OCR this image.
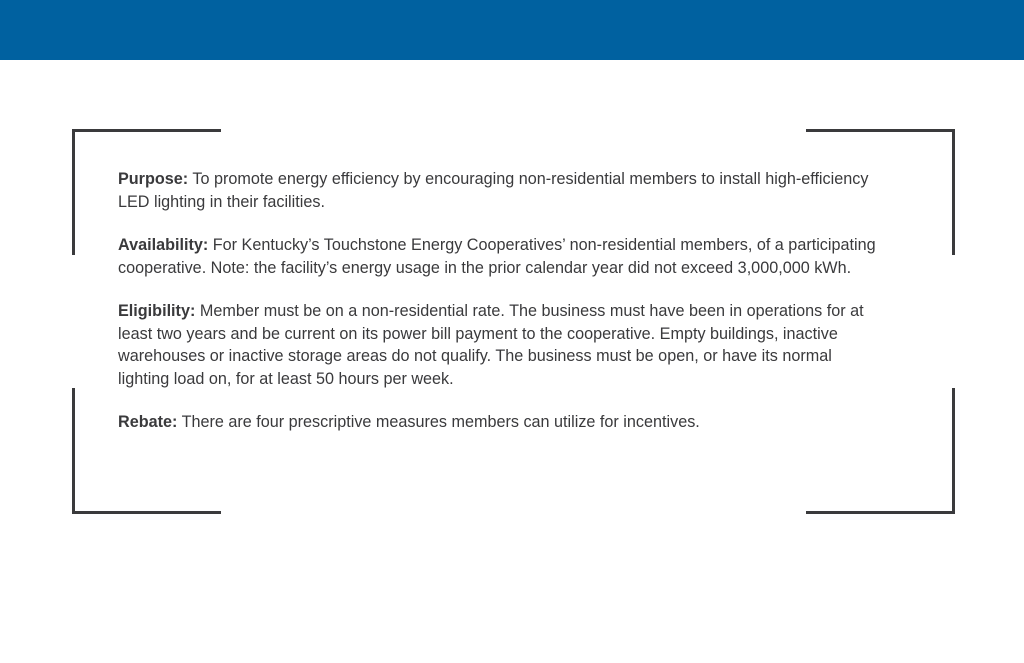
Purpose: To promote energy efficiency by encouraging non-residential members to install high-efficiency LED lighting in their facilities.

Availability: For Kentucky’s Touchstone Energy Cooperatives’ non-residential members, of a participating cooperative. Note: the facility’s energy usage in the prior calendar year did not exceed 3,000,000 kWh.

Eligibility: Member must be on a non-residential rate. The business must have been in operations for at least two years and be current on its power bill payment to the cooperative. Empty buildings, inactive warehouses or inactive storage areas do not qualify. The business must be open, or have its normal lighting load on, for at least 50 hours per week.

Rebate: There are four prescriptive measures members can utilize for incentives.
